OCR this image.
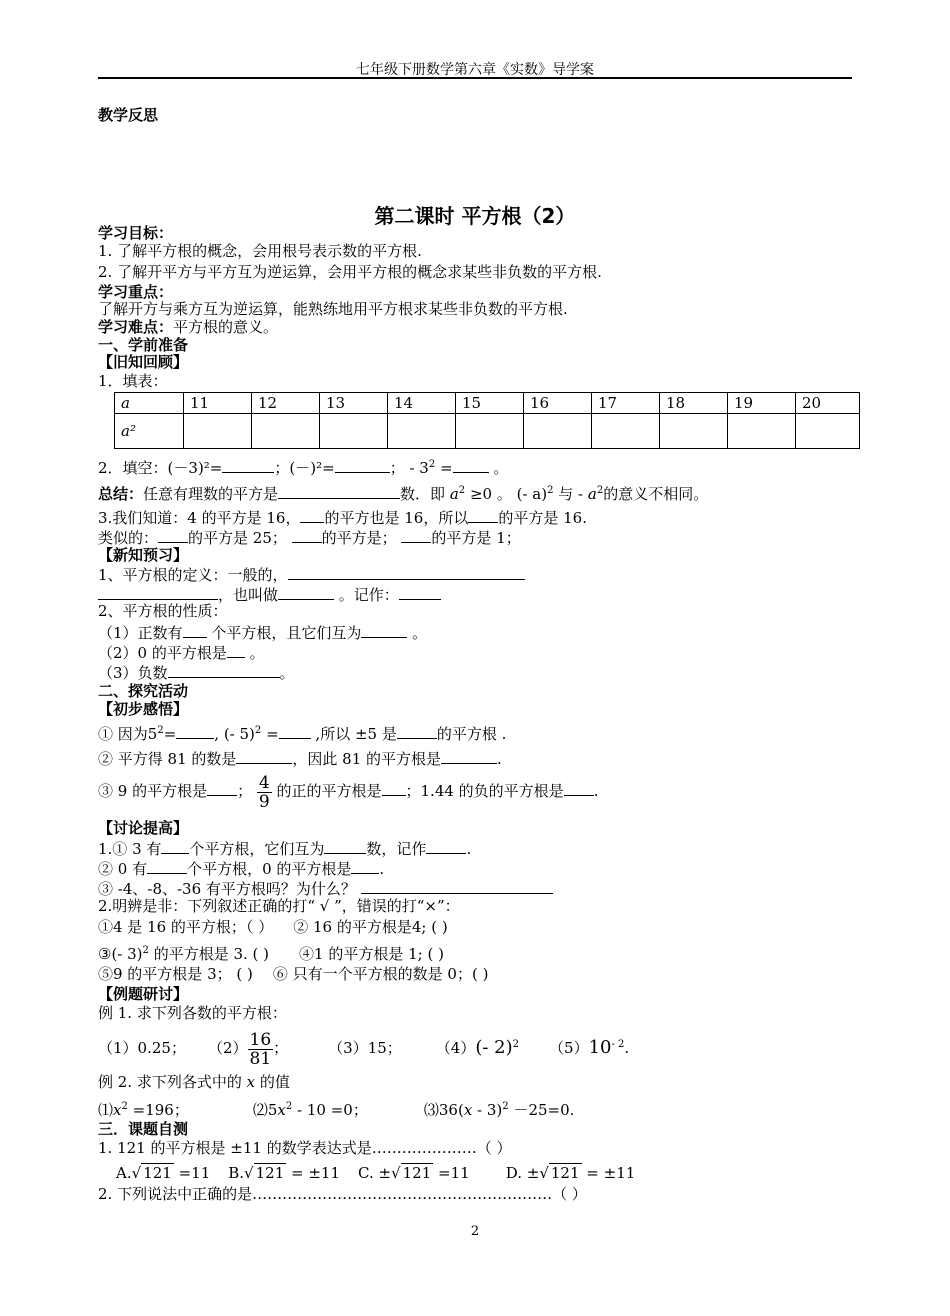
七年级下册数学第六章《实数》导学案
教学反思
第二课时 平方根（2）
学习目标：
1. 了解平方根的概念，会用根号表示数的平方根.
2. 了解开平方与平方互为逆运算，会用平方根的概念求某些非负数的平方根.
学习重点：
了解开方与乘方互为逆运算，能熟练地用平方根求某些非负数的平方根.
学习难点：平方根的意义。
一、学前准备
【旧知回顾】
1．填表：
a	11	12	13	14	15	16	17	18	19	20
a²										
2．填空：(－3)²=	；(－)²=	； - $3^2$ = 。
总结：任意有理数的平方是	数．即 $a^2 \ge 0$ 。 (- a)$^2$ 与 - $a^2$的意义不相同。
3.我们知道：4 的平方是 16， 的平方也是 16，所以 的平方是 16.
类似的： 的平方是 25； 的平方是； 的平方是 1；
【新知预习】
1、平方根的定义：一般的，
，也叫做	。记作：
2、平方根的性质：
（1）正数有 个平方根，且它们互为	。
（2）0 的平方根是 。
（3）负数	。
二、探究活动
【初步感悟】
① 因为$5^2=$	, (- 5)$^2$ = ,所以 ±5 是	的平方根 .
② 平方得 81 的数是	，因此 81 的平方根是	.
③ 9 的平方根是 ； $\frac{4}{9}$ 的正的平方根是 ；1.44 的负的平方根是 .
【讨论提高】
1.① 3 有 个平方根，它们互为	数，记作	.
② 0 有	个平方根，0 的平方根是 .
③ -4、-8、-36 有平方根吗？为什么？
2.明辨是非：下列叙述正确的打“ √ ”，错误的打“×”：
①4 是 16 的平方根；（ ） ② 16 的平方根是4; ( )
③(- 3)$^2$ 的平方根是 3. ( ) ④1 的平方根是 1; ( )
⑤9 的平方根是 3； ( ) ⑥ 只有一个平方根的数是 0；( )
【例题研讨】
例 1. 求下列各数的平方根：
（1）0.25； $(2) \frac{16}{81}$ ；	（3）15； （4）(- 2)$^2$ $(5)10^{- 2}$.
例 2. 求下列各式中的 x 的值
$⑴x^2 =196$；	$⑵5x^2 - 10 =0$；	⑶36(x - 3)$^2$ －25=0.
三．课题自测
1. 121 的平方根是 ±11 的数学表达式是…………………（ ）
A.√ 121 =11 B.√ 121 = ±11 C. ±√ 121 =11 D. ±√ 121 = ±11
2. 下列说法中正确的是……………………………………………………（ ）
2
